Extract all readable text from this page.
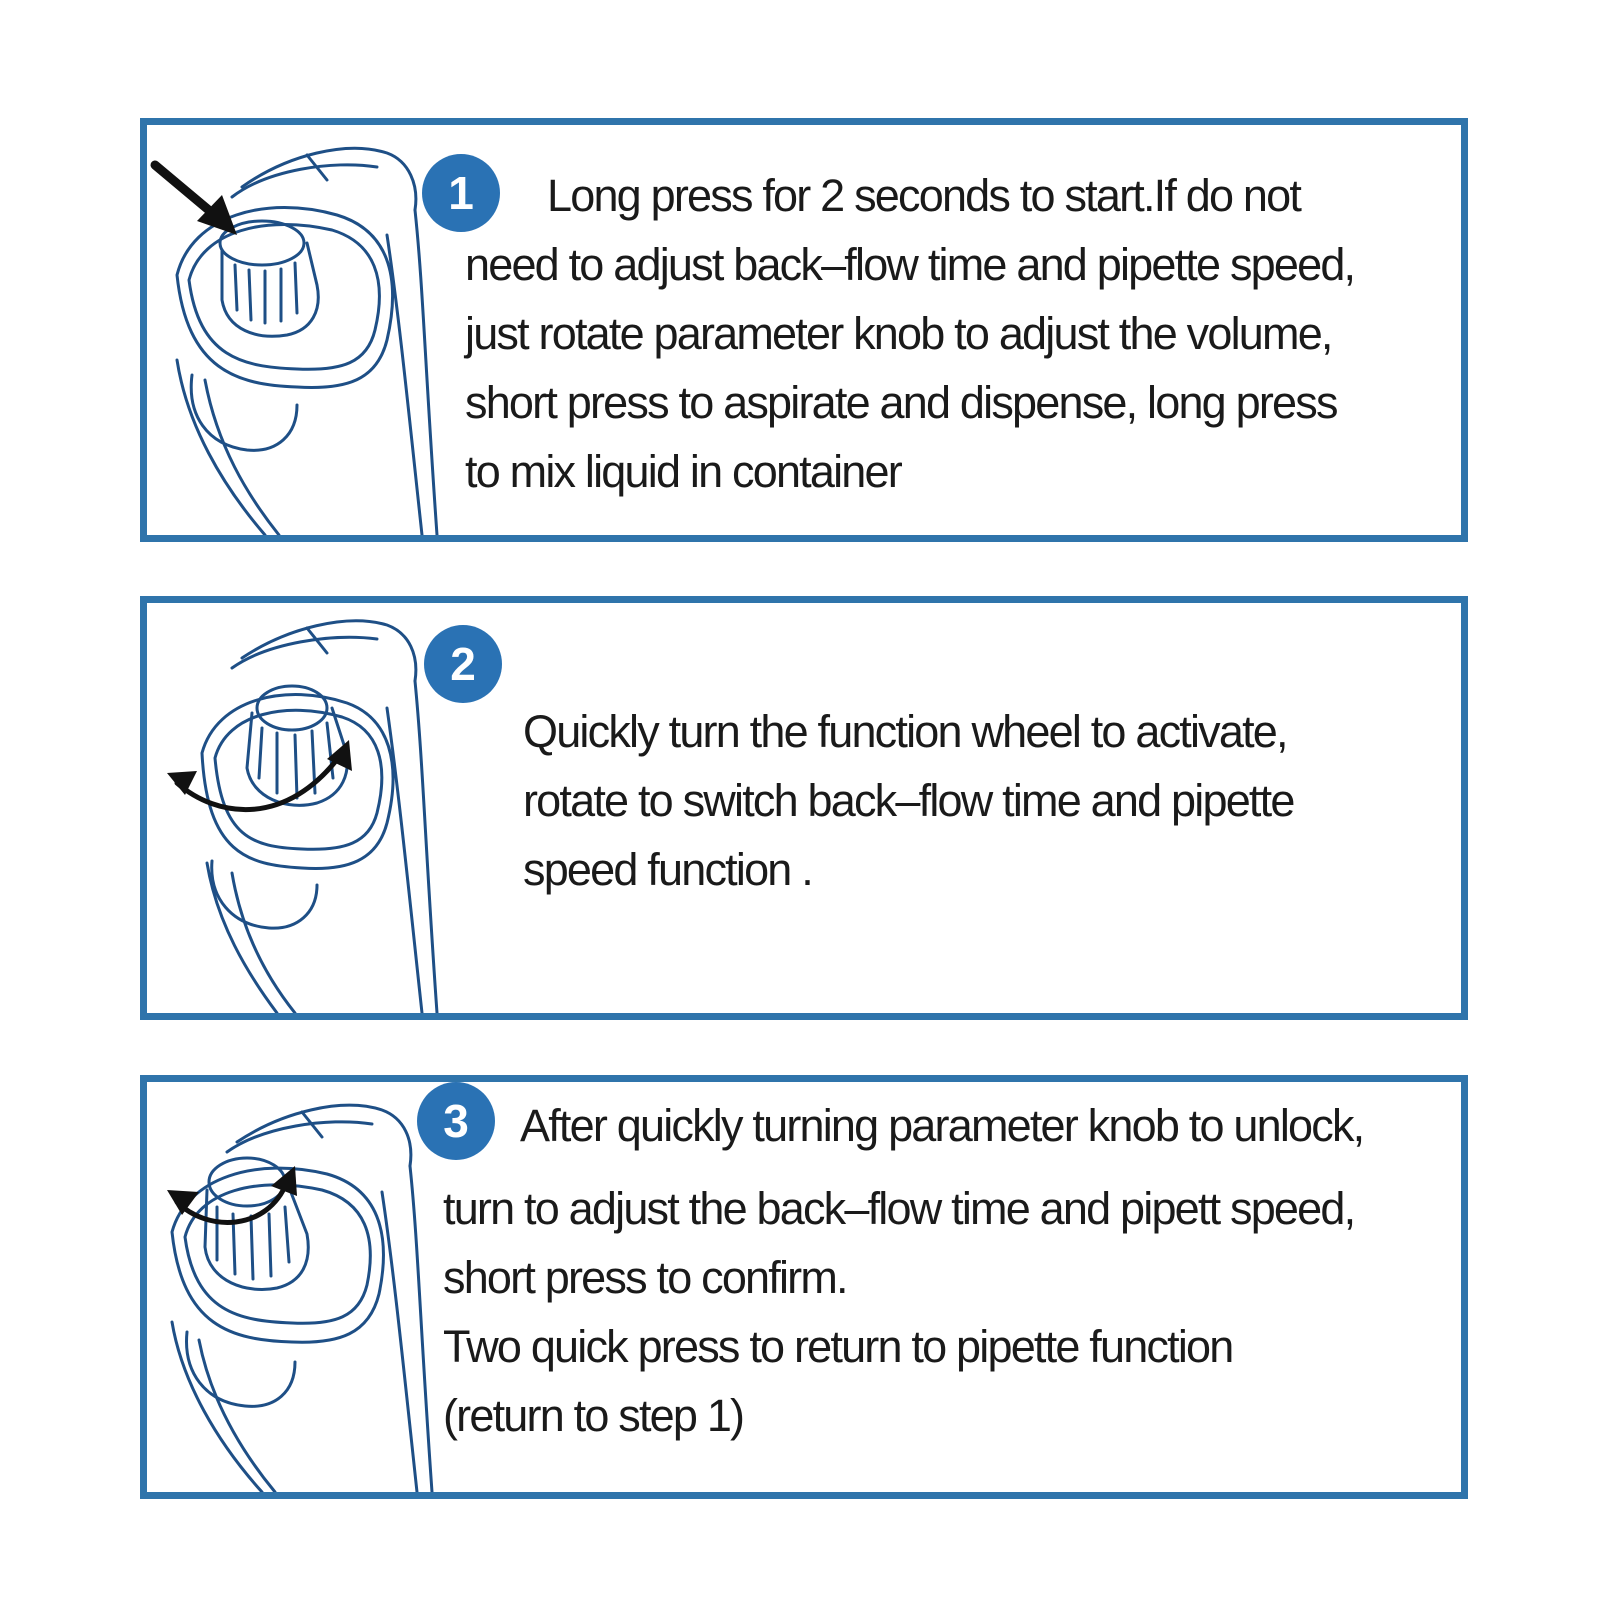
1	Long press for 2 seconds to start.If do not
need to adjust back–flow time and pipette speed,
just rotate parameter knob to adjust the volume,
short press to aspirate and dispense, long press
to mix liquid in container
2
Quickly turn the function wheel to activate,
rotate to switch back–flow time and pipette
speed function .
3	After quickly turning parameter knob to unlock,
turn to adjust the back–flow time and pipett speed,
short press to confirm.
Two quick press to return to pipette function
(return to step 1)
